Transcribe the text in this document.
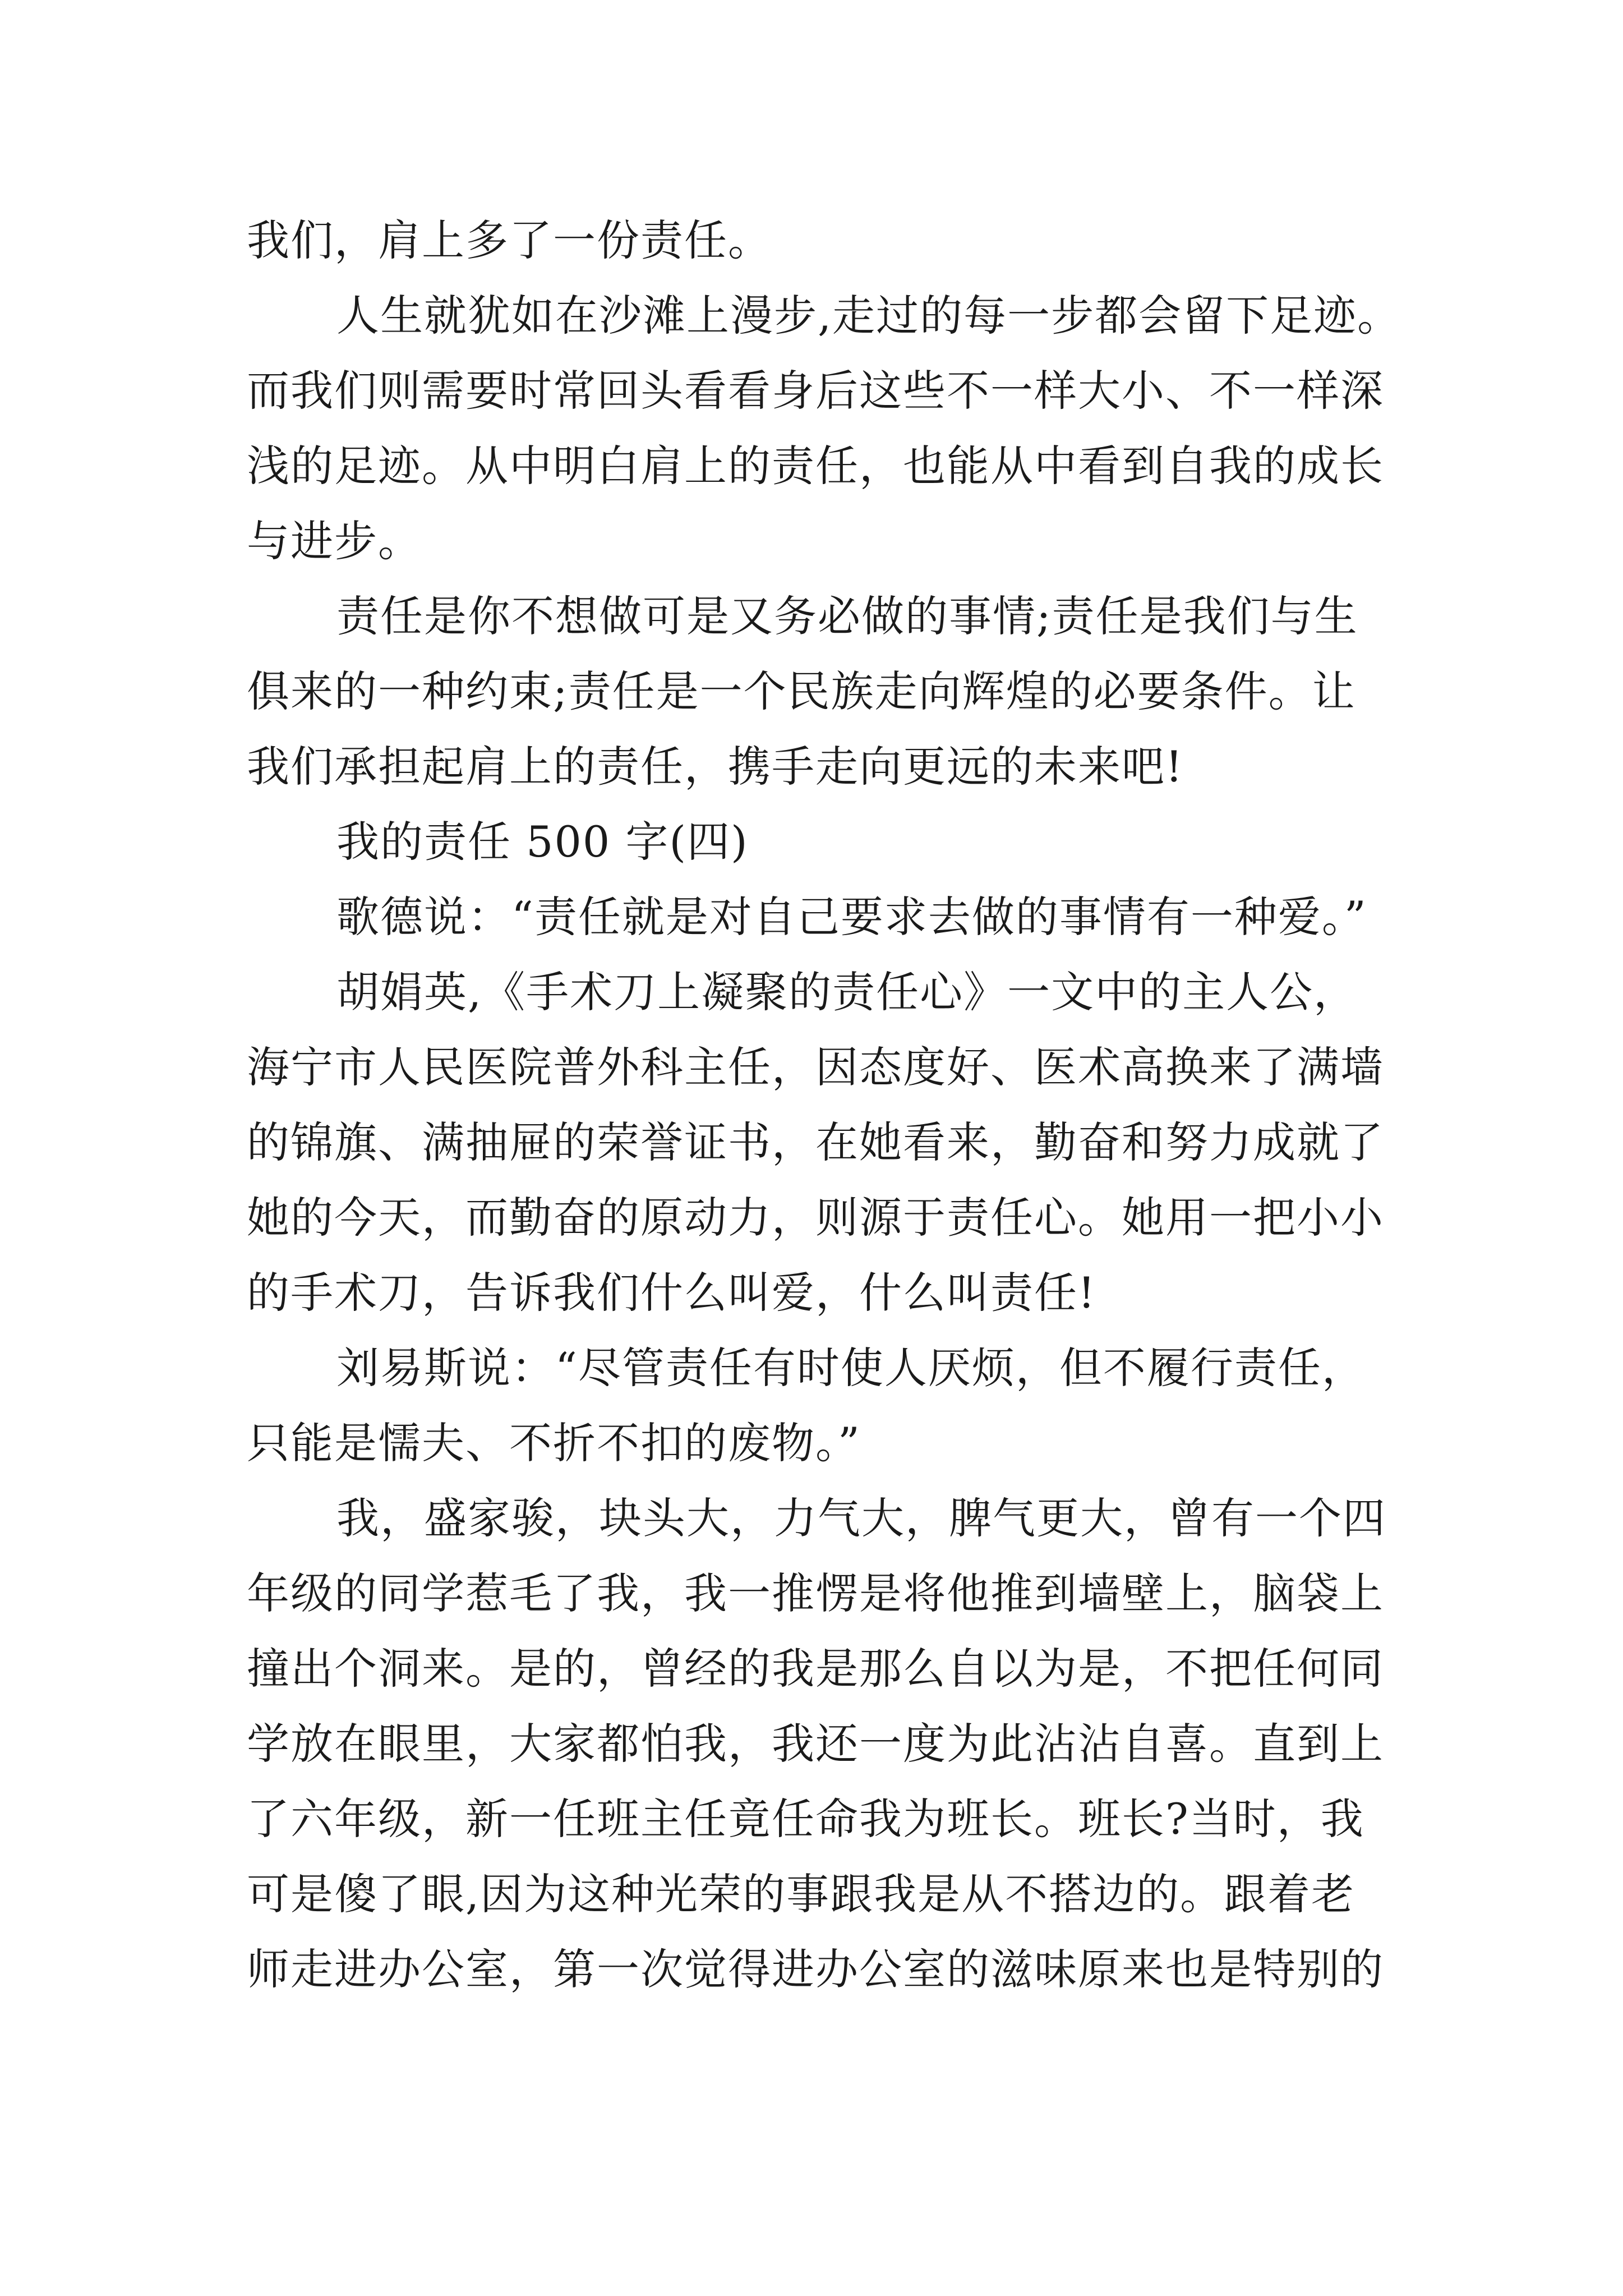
我们，肩上多了一份责任。
人生就犹如在沙滩上漫步,走过的每一步都会留下足迹。
而我们则需要时常回头看看身后这些不一样大小、不一样深
浅的足迹。从中明白肩上的责任，也能从中看到自我的成长
与进步。
责任是你不想做可是又务必做的事情;责任是我们与生
俱来的一种约束;责任是一个民族走向辉煌的必要条件。让
我们承担起肩上的责任，携手走向更远的未来吧!
我的责任 500 字(四)
歌德说：“责任就是对自己要求去做的事情有一种爱。”
胡娟英,《手术刀上凝聚的责任心》一文中的主人公，
海宁市人民医院普外科主任，因态度好、医术高换来了满墙
的锦旗、满抽屉的荣誉证书，在她看来，勤奋和努力成就了
她的今天，而勤奋的原动力，则源于责任心。她用一把小小
的手术刀，告诉我们什么叫爱，什么叫责任!
刘易斯说：“尽管责任有时使人厌烦，但不履行责任，
只能是懦夫、不折不扣的废物。”
我，盛家骏，块头大，力气大，脾气更大，曾有一个四
年级的同学惹毛了我，我一推愣是将他推到墙壁上，脑袋上
撞出个洞来。是的，曾经的我是那么自以为是，不把任何同
学放在眼里，大家都怕我，我还一度为此沾沾自喜。直到上
了六年级，新一任班主任竟任命我为班长。班长?当时，我
可是傻了眼,因为这种光荣的事跟我是从不搭边的。跟着老
师走进办公室，第一次觉得进办公室的滋味原来也是特别的
